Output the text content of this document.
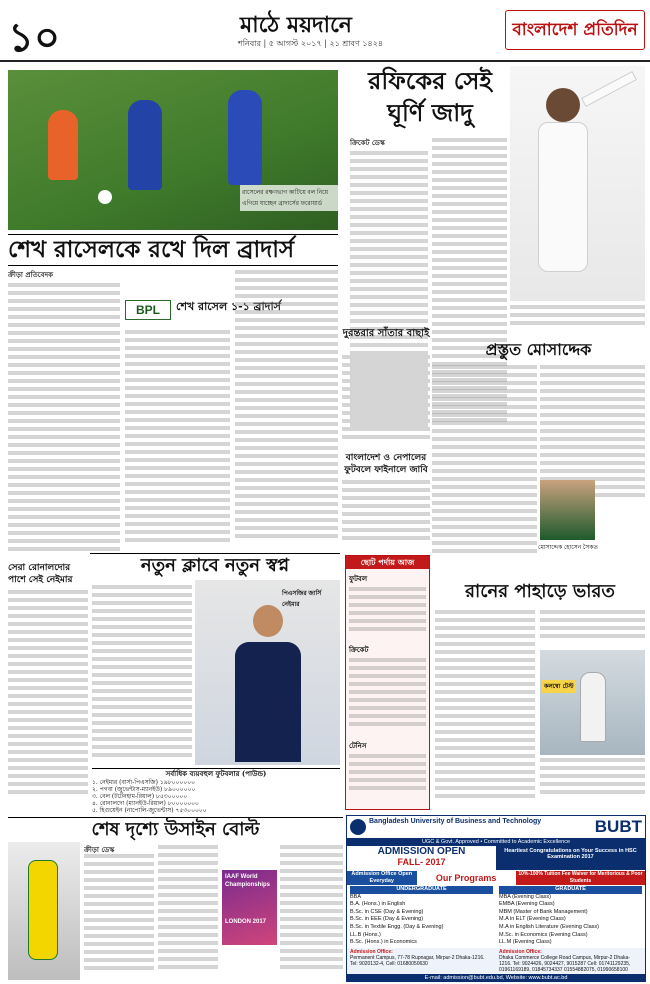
১০	মাঠে ময়দানে
শনিবার | ৫ আগস্ট ২০১৭ | ২১ শ্রাবণ ১৪২৪
বাংলাদেশ প্রতিদিন
রাসেলের রক্ষণভাগ কাটিয়ে বল নিয়ে এগিয়ে যাচ্ছেন ব্রাদার্সের ফরোয়ার্ড
শেখ রাসেলকে রখে দিল ব্রাদার্স
ক্রীড়া প্রতিবেদক
BPL	শেখ রাসেল ১-১ ব্রাদার্স
রফিকের সেই
ঘূর্ণি জাদু
ক্রিকেট ডেস্ক
প্রস্তুত মোসাদ্দেক
মোসাদ্দেক হোসেন সৈকত
দুরন্তরার সাঁতার বাছাই
বাংলাদেশ ও নেপালের ফুটবলে ফাইনালে জাবি
নতুন ক্লাবে নতুন স্বপ্ন
সেরা রোনালদোর পাশে সেই নেইমার
পিএসজির জার্সি নেইমার
সর্বাধিক ব্যয়বহুল ফুটবলার (পাউন্ড)
১. নেইমার (বার্সা-পিএসজি) ১৯৮০০০০০০
২. পগবা (জুভেন্টাস-ম্যানইউ) ৮৯০০০০০০
৩. বেল (টটেনহাম-রিয়াল) ৮৫৩০০০০০
৪. রোনালদো (ম্যানইউ-রিয়াল) ৮০০০০০০০
৫. হিগুয়েইন (নাপোলি-জুভেন্টাস) ৭৫৩০০০০০
ছোট পর্দায় আজ
ফুটবল
ক্রিকেট
টেনিস
রানের পাহাড়ে ভারত
কলম্বো টেস্ট
শেষ দৃশ্যে উসাইন বোল্ট
ক্রীড়া ডেস্ক
IAAF World Championships
LONDON 2017
Bangladesh University of Business and Technology	BUBT
UGC & Govt. Approved • Committed to Academic Excellence
ADMISSION OPEN
FALL- 2017
Heartiest Congratulations on Your Success in HSC Examination 2017
Admission Office Open Everyday	Our Programs	10%-100% Tuition Fee Waiver for Meritorious & Poor Students
UNDERGRADUATE
BBA
B.A. (Hons.) in English
B.Sc. in CSE (Day & Evening)
B.Sc. in EEE (Day & Evening)
B.Sc. in Textile Engg. (Day & Evening)
LL.B (Hons.)
B.Sc. (Hons.) in Economics
GRADUATE
MBA (Evening Class)
EMBA (Evening Class)
MBM (Master of Bank Management)
M.A in ELT (Evening Class)
M.A in English Literature (Evening Class)
M.Sc. in Economics (Evening Class)
LL.M (Evening Class)
Admission Office:
Permanent Campus, 77-78 Rupnagar, Mirpur-2 Dhaka-1216. Tel: 9020132-4, Cell: 01680050630
Admission Office:
Dhaka Commerce College Road Campus, Mirpur-2 Dhaka-1216. Tel: 9024426, 9024427, 9015287 Cell: 01741129235, 01961169189, 01845734337 01554882075, 01990658100
E-mail: admission@bubt.edu.bd, Website: www.bubt.ac.bd
